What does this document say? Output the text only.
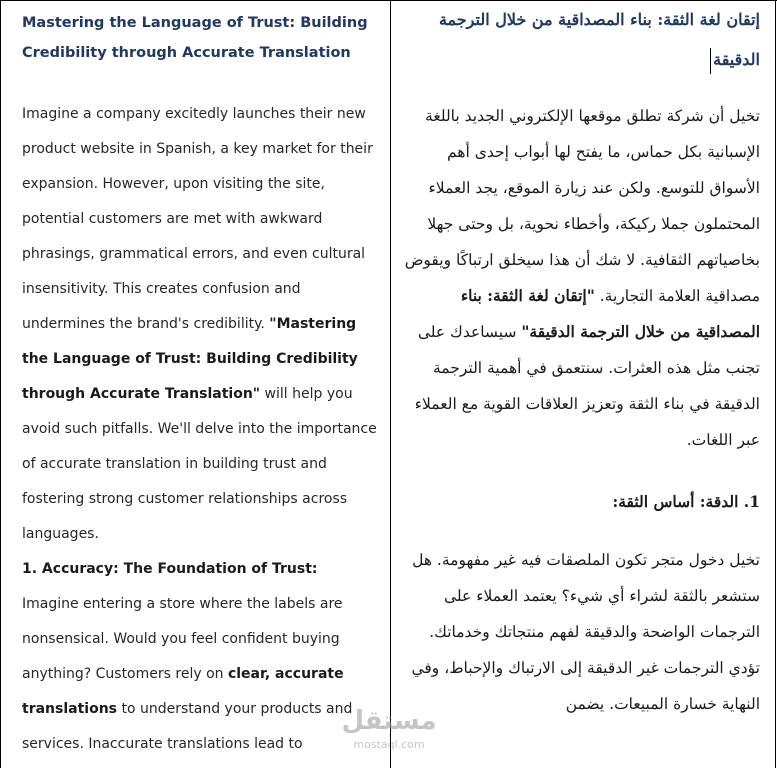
Mastering the Language of Trust: Building Credibility through Accurate Translation

Imagine a company excitedly launches their new product website in Spanish, a key market for their expansion. However, upon visiting the site, potential customers are met with awkward phrasings, grammatical errors, and even cultural insensitivity. This creates confusion and undermines the brand's credibility. "Mastering the Language of Trust: Building Credibility through Accurate Translation" will help you avoid such pitfalls. We'll delve into the importance of accurate translation in building trust and fostering strong customer relationships across languages.

1. Accuracy: The Foundation of Trust:

Imagine entering a store where the labels are nonsensical. Would you feel confident buying anything? Customers rely on clear, accurate translations to understand your products and services. Inaccurate translations lead to

إتقان لغة الثقة: بناء المصداقية من خلال الترجمة الدقيقة

تخيل أن شركة تطلق موقعها الإلكتروني الجديد باللغة الإسبانية بكل حماس، ما يفتح لها أبواب إحدى أهم الأسواق للتوسع. ولكن عند زيارة الموقع، يجد العملاء المحتملون جملا ركيكة، وأخطاء نحوية، بل وحتى جهلا بخاصياتهم الثقافية. لا شك أن هذا سيخلق ارتباكًا ويقوض مصداقية العلامة التجارية. "إتقان لغة الثقة: بناء المصداقية من خلال الترجمة الدقيقة" سيساعدك على تجنب مثل هذه العثرات. سنتعمق في أهمية الترجمة الدقيقة في بناء الثقة وتعزيز العلاقات القوية مع العملاء عبر اللغات.

1. الدقة: أساس الثقة:

تخيل دخول متجر تكون الملصقات فيه غير مفهومة. هل ستشعر بالثقة لشراء أي شيء؟ يعتمد العملاء على الترجمات الواضحة والدقيقة لفهم منتجاتك وخدماتك. تؤدي الترجمات غير الدقيقة إلى الارتباك والإحباط، وفي النهاية خسارة المبيعات. يضمن

مستقل
mostaql.com
